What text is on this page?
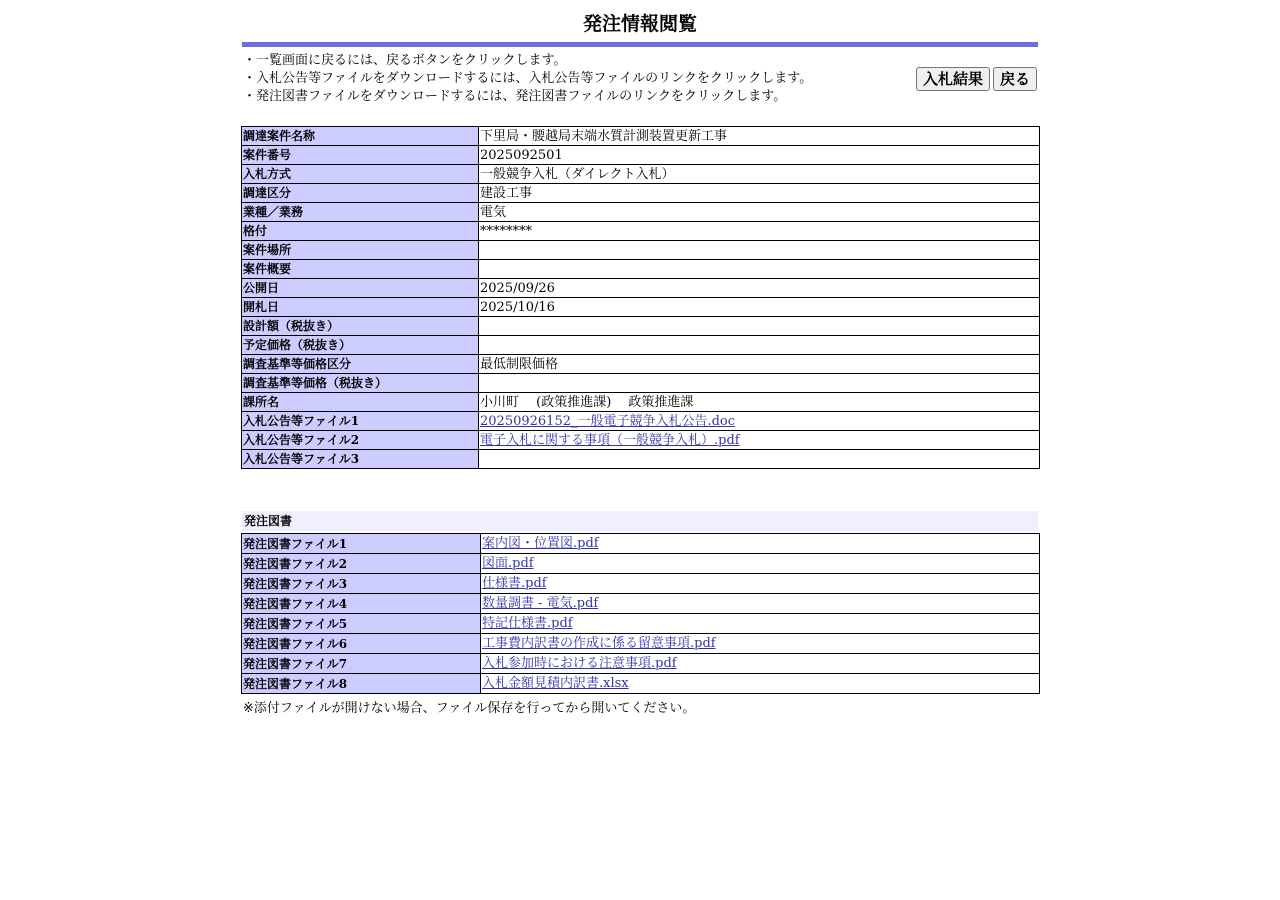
発注情報閲覧
・一覧画面に戻るには、戻るボタンをクリックします。
・入札公告等ファイルをダウンロードするには、入札公告等ファイルのリンクをクリックします。
・発注図書ファイルをダウンロードするには、発注図書ファイルのリンクをクリックします。
入札結果	戻る
調達案件名称	下里局・腰越局末端水質計測装置更新工事
案件番号	2025092501
入札方式	一般競争入札（ダイレクト入札）
調達区分	建設工事
業種／業務	電気
格付	********
案件場所	
案件概要	
公開日	2025/09/26
開札日	2025/10/16
設計額（税抜き）	
予定価格（税抜き）	
調査基準等価格区分	最低制限価格
調査基準等価格（税抜き）	
課所名	小川町　 (政策推進課)　 政策推進課
入札公告等ファイル1	20250926152_一般電子競争入札公告.doc
入札公告等ファイル2	電子入札に関する事項（一般競争入札）.pdf
入札公告等ファイル3	
発注図書
発注図書ファイル1	案内図・位置図.pdf
発注図書ファイル2	図面.pdf
発注図書ファイル3	仕様書.pdf
発注図書ファイル4	数量調書 - 電気.pdf
発注図書ファイル5	特記仕様書.pdf
発注図書ファイル6	工事費内訳書の作成に係る留意事項.pdf
発注図書ファイル7	入札参加時における注意事項.pdf
発注図書ファイル8	入札金額見積内訳書.xlsx
※添付ファイルが開けない場合、ファイル保存を行ってから開いてください。
